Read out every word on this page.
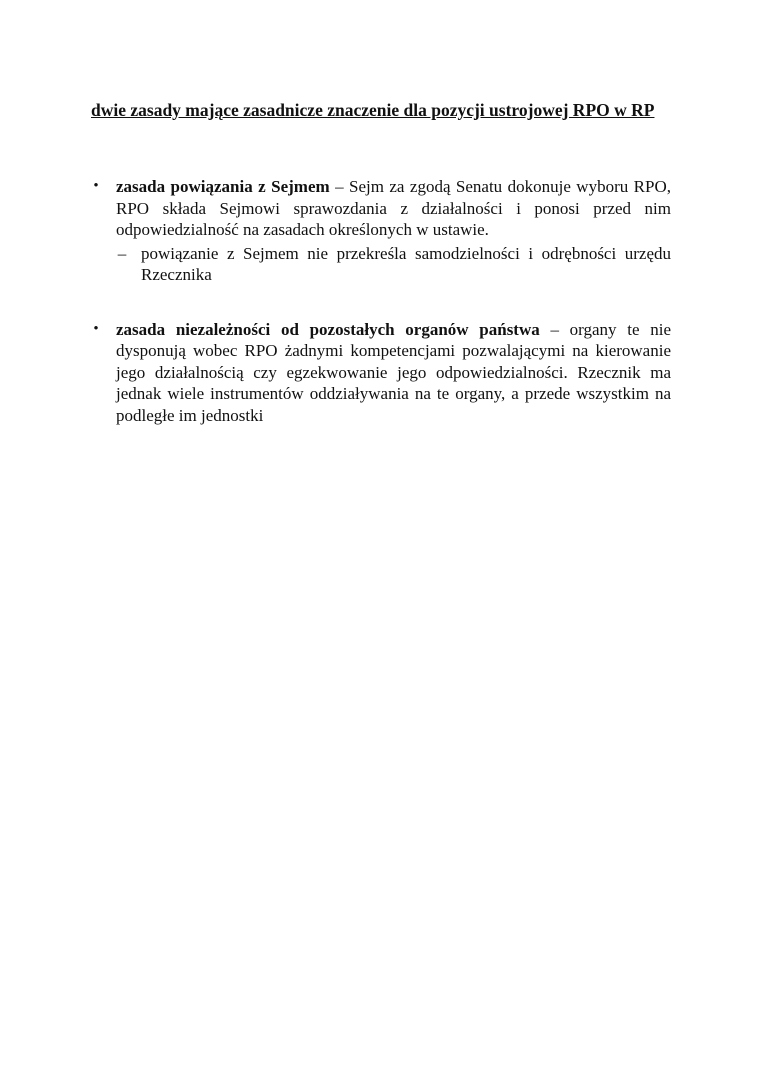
dwie zasady mające zasadnicze znaczenie dla pozycji ustrojowej RPO w RP

• zasada powiązania z Sejmem – Sejm za zgodą Senatu dokonuje wyboru RPO, RPO składa Sejmowi sprawozdania z działalności i ponosi przed nim odpowiedzialność na zasadach określonych w ustawie.
– powiązanie z Sejmem nie przekreśla samodzielności i odrębności urzędu Rzecznika
• zasada niezależności od pozostałych organów państwa – organy te nie dysponują wobec RPO żadnymi kompetencjami pozwalającymi na kierowanie jego działalnością czy egzekwowanie jego odpowiedzialności. Rzecznik ma jednak wiele instrumentów oddziaływania na te organy, a przede wszystkim na podległe im jednostki
